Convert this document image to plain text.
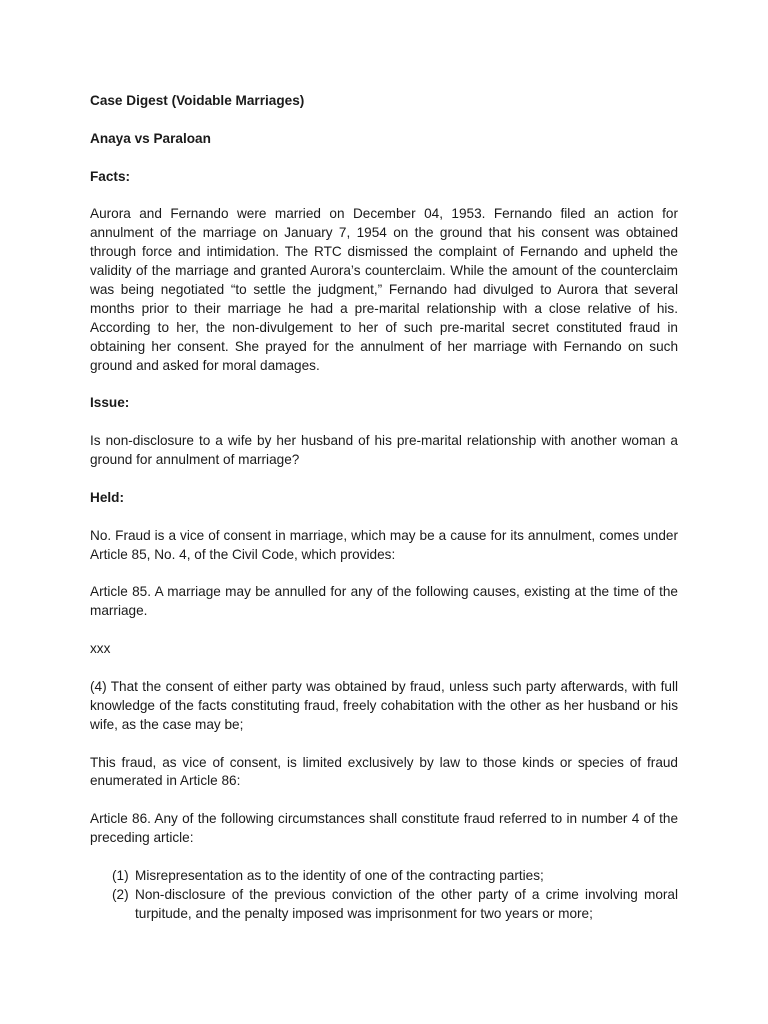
Case Digest (Voidable Marriages)

Anaya vs Paraloan

Facts:

Aurora and Fernando were married on December 04, 1953. Fernando filed an action for annulment of the marriage on January 7, 1954 on the ground that his consent was obtained through force and intimidation. The RTC dismissed the complaint of Fernando and upheld the validity of the marriage and granted Aurora’s counterclaim. While the amount of the counterclaim was being negotiated “to settle the judgment,” Fernando had divulged to Aurora that several months prior to their marriage he had a pre-marital relationship with a close relative of his. According to her, the non-divulgement to her of such pre-marital secret constituted fraud in obtaining her consent. She prayed for the annulment of her marriage with Fernando on such ground and asked for moral damages.

Issue:

Is non-disclosure to a wife by her husband of his pre-marital relationship with another woman a ground for annulment of marriage?

Held:

No. Fraud is a vice of consent in marriage, which may be a cause for its annulment, comes under Article 85, No. 4, of the Civil Code, which provides:

Article 85. A marriage may be annulled for any of the following causes, existing at the time of the marriage.

xxx

(4) That the consent of either party was obtained by fraud, unless such party afterwards, with full knowledge of the facts constituting fraud, freely cohabitation with the other as her husband or his wife, as the case may be;

This fraud, as vice of consent, is limited exclusively by law to those kinds or species of fraud enumerated in Article 86:

Article 86. Any of the following circumstances shall constitute fraud referred to in number 4 of the preceding article:

(1) Misrepresentation as to the identity of one of the contracting parties;
(2) Non-disclosure of the previous conviction of the other party of a crime involving moral turpitude, and the penalty imposed was imprisonment for two years or more;
